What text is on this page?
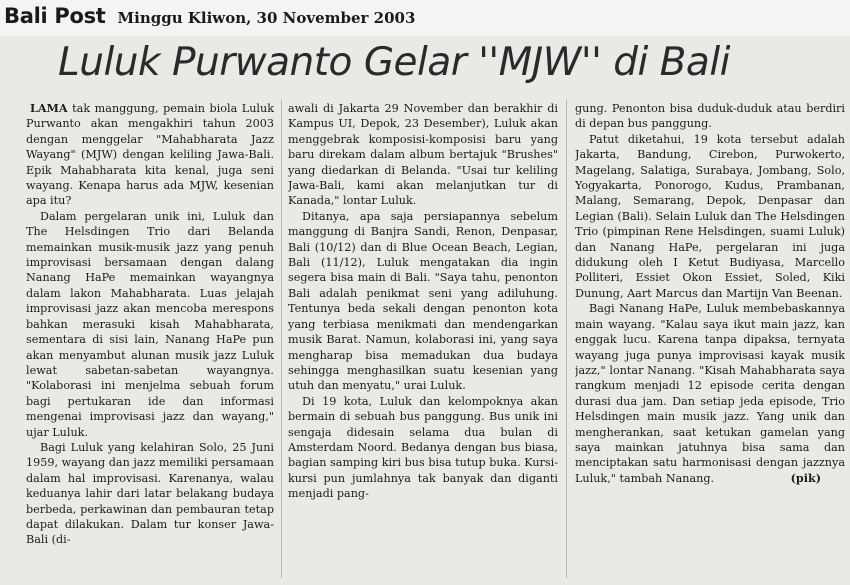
Bali Post Minggu Kliwon, 30 November 2003
Luluk Purwanto Gelar ''MJW'' di Bali

LAMA tak manggung, pemain biola Luluk Purwanto akan mengakhiri tahun 2003 dengan menggelar "Mahabharata Jazz Wayang" (MJW) dengan keliling Jawa-Bali. Epik Mahabharata kita kenal, juga seni wayang. Kenapa harus ada MJW, kesenian apa itu?

Dalam pergelaran unik ini, Luluk dan The Helsdingen Trio dari Belanda memainkan musik-musik jazz yang penuh improvisasi bersamaan dengan dalang Nanang HaPe memainkan wayangnya dalam lakon Mahabharata. Luas jelajah improvisasi jazz akan mencoba merespons bahkan merasuki kisah Mahabharata, sementara di sisi lain, Nanang HaPe pun akan menyambut alunan musik jazz Luluk lewat sabetan-sabetan wayangnya. "Kolaborasi ini menjelma sebuah forum bagi pertukaran ide dan informasi mengenai improvisasi jazz dan wayang," ujar Luluk.

Bagi Luluk yang kelahiran Solo, 25 Juni 1959, wayang dan jazz memiliki persamaan dalam hal improvisasi. Karenanya, walau keduanya lahir dari latar belakang budaya berbeda, perkawinan dan pembauran tetap dapat dilakukan. Dalam tur konser Jawa-Bali (di-

awali di Jakarta 29 November dan berakhir di Kampus UI, Depok, 23 Desember), Luluk akan menggebrak komposisi-komposisi baru yang baru direkam dalam album bertajuk "Brushes" yang diedarkan di Belanda. "Usai tur keliling Jawa-Bali, kami akan melanjutkan tur di Kanada," lontar Luluk.

Ditanya, apa saja persiapannya sebelum manggung di Banjra Sandi, Renon, Denpasar, Bali (10/12) dan di Blue Ocean Beach, Legian, Bali (11/12), Luluk mengatakan dia ingin segera bisa main di Bali. "Saya tahu, penonton Bali adalah penikmat seni yang adiluhung. Tentunya beda sekali dengan penonton kota yang terbiasa menikmati dan mendengarkan musik Barat. Namun, kolaborasi ini, yang saya mengharap bisa memadukan dua budaya sehingga menghasilkan suatu kesenian yang utuh dan menyatu," urai Luluk.

Di 19 kota, Luluk dan kelompoknya akan bermain di sebuah bus panggung. Bus unik ini sengaja didesain selama dua bulan di Amsterdam Noord. Bedanya dengan bus biasa, bagian samping kiri bus bisa tutup buka. Kursi-kursi pun jumlahnya tak banyak dan diganti menjadi pang-

gung. Penonton bisa duduk-duduk atau berdiri di depan bus panggung.

Patut diketahui, 19 kota tersebut adalah Jakarta, Bandung, Cirebon, Purwokerto, Magelang, Salatiga, Surabaya, Jombang, Solo, Yogyakarta, Ponorogo, Kudus, Prambanan, Malang, Semarang, Depok, Denpasar dan Legian (Bali). Selain Luluk dan The Helsdingen Trio (pimpinan Rene Helsdingen, suami Luluk) dan Nanang HaPe, pergelaran ini juga didukung oleh I Ketut Budiyasa, Marcello Polliteri, Essiet Okon Essiet, Soled, Kiki Dunung, Aart Marcus dan Martijn Van Beenan.

Bagi Nanang HaPe, Luluk membebaskannya main wayang. "Kalau saya ikut main jazz, kan enggak lucu. Karena tanpa dipaksa, ternyata wayang juga punya improvisasi kayak musik jazz," lontar Nanang. "Kisah Mahabharata saya rangkum menjadi 12 episode cerita dengan durasi dua jam. Dan setiap jeda episode, Trio Helsdingen main musik jazz. Yang unik dan mengherankan, saat ketukan gamelan yang saya mainkan jatuhnya bisa sama dan menciptakan satu harmonisasi dengan jazznya Luluk," tambah Nanang.	(pik)
